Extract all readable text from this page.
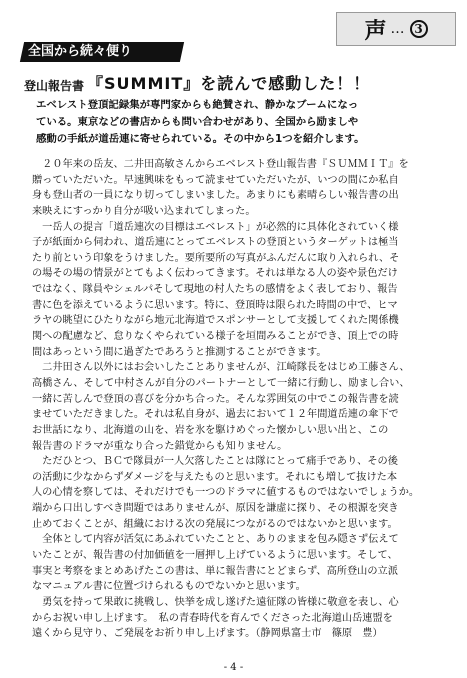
声 … 3
全国から続々便り
登山報告書 『SUMMIT』を読んで感動した！！
エベレスト登頂記録集が専門家からも絶賛され、静かなブームになっ
ている。東京などの書店からも問い合わせがあり、全国から励ましや
感動の手紙が道岳連に寄せられている。その中から1つを紹介します。
　２０年来の岳友、二井田高敏さんからエベレスト登山報告書『ＳＵＭＭＩＴ』を
贈っていただいた。早速興味をもって読ませていただいたが、いつの間にか私自
身も登山者の一員になり切ってしまいました。あまりにも素晴らしい報告書の出
来映えにすっかり自分が吸い込まれてしまった。
　一岳人の提言「道岳連次の目標はエベレスト」が必然的に具体化されていく様
子が紙面から伺われ、道岳連にとってエベレストの登頂というターゲットは極当
たり前という印象をうけました。要所要所の写真がふんだんに取り入れられ、そ
の場その場の情景がとてもよく伝わってきます。それは単なる人の姿や景色だけ
ではなく、隊員やシェルパそして現地の村人たちの感情をよく表しており、報告
書に色を添えているように思います。特に、登頂時は限られた時間の中で、ヒマ
ラヤの眺望にひたりながら地元北海道でスポンサーとして支援してくれた関係機
関への配慮など、怠りなくやられている様子を垣間みることができ、頂上での時
間はあっという間に過ぎたであろうと推測することができます。
　二井田さん以外にはお会いしたことありませんが、江崎隊長をはじめ工藤さん、
高橋さん、そして中村さんが自分のパートナーとして一緒に行動し、励まし合い、
一緒に苦しんで登頂の喜びを分かち合った。そんな雰囲気の中でこの報告書を読
ませていただきました。それは私自身が、過去において１２年間道岳連の傘下で
お世話になり、北海道の山を、岩を氷を駆けめぐった懐かしい思い出と、この
報告書のドラマが重なり合った錯覚からも知りません。
　ただひとつ、ＢＣで隊員が一人欠落したことは隊にとって痛手であり、その後
の活動に少なからずダメージを与えたものと思います。それにも増して抜けた本
人の心情を察しては、それだけでも一つのドラマに値するものではないでしょうか。
端から口出しすべき問題ではありませんが、原因を謙虚に探り、その根源を突き
止めておくことが、組織における次の発展につながるのではないかと思います。
　全体として内容が活気にあふれていたことと、ありのままを包み隠さず伝えて
いたことが、報告書の付加価値を一層押し上げているように思います。そして、
事実と考察をまとめあげたこの書は、単に報告書にとどまらず、高所登山の立派
なマニュアル書に位置づけられるものでないかと思います。
　勇気を持って果敢に挑戦し、快挙を成し遂げた遠征隊の皆様に敬意を表し、心
からお祝い申し上げます。　私の青春時代を育んでくださった北海道山岳連盟を
遠くから見守り、ご発展をお祈り申し上げます。（静岡県富士市　篠原　豊）
- 4 -
